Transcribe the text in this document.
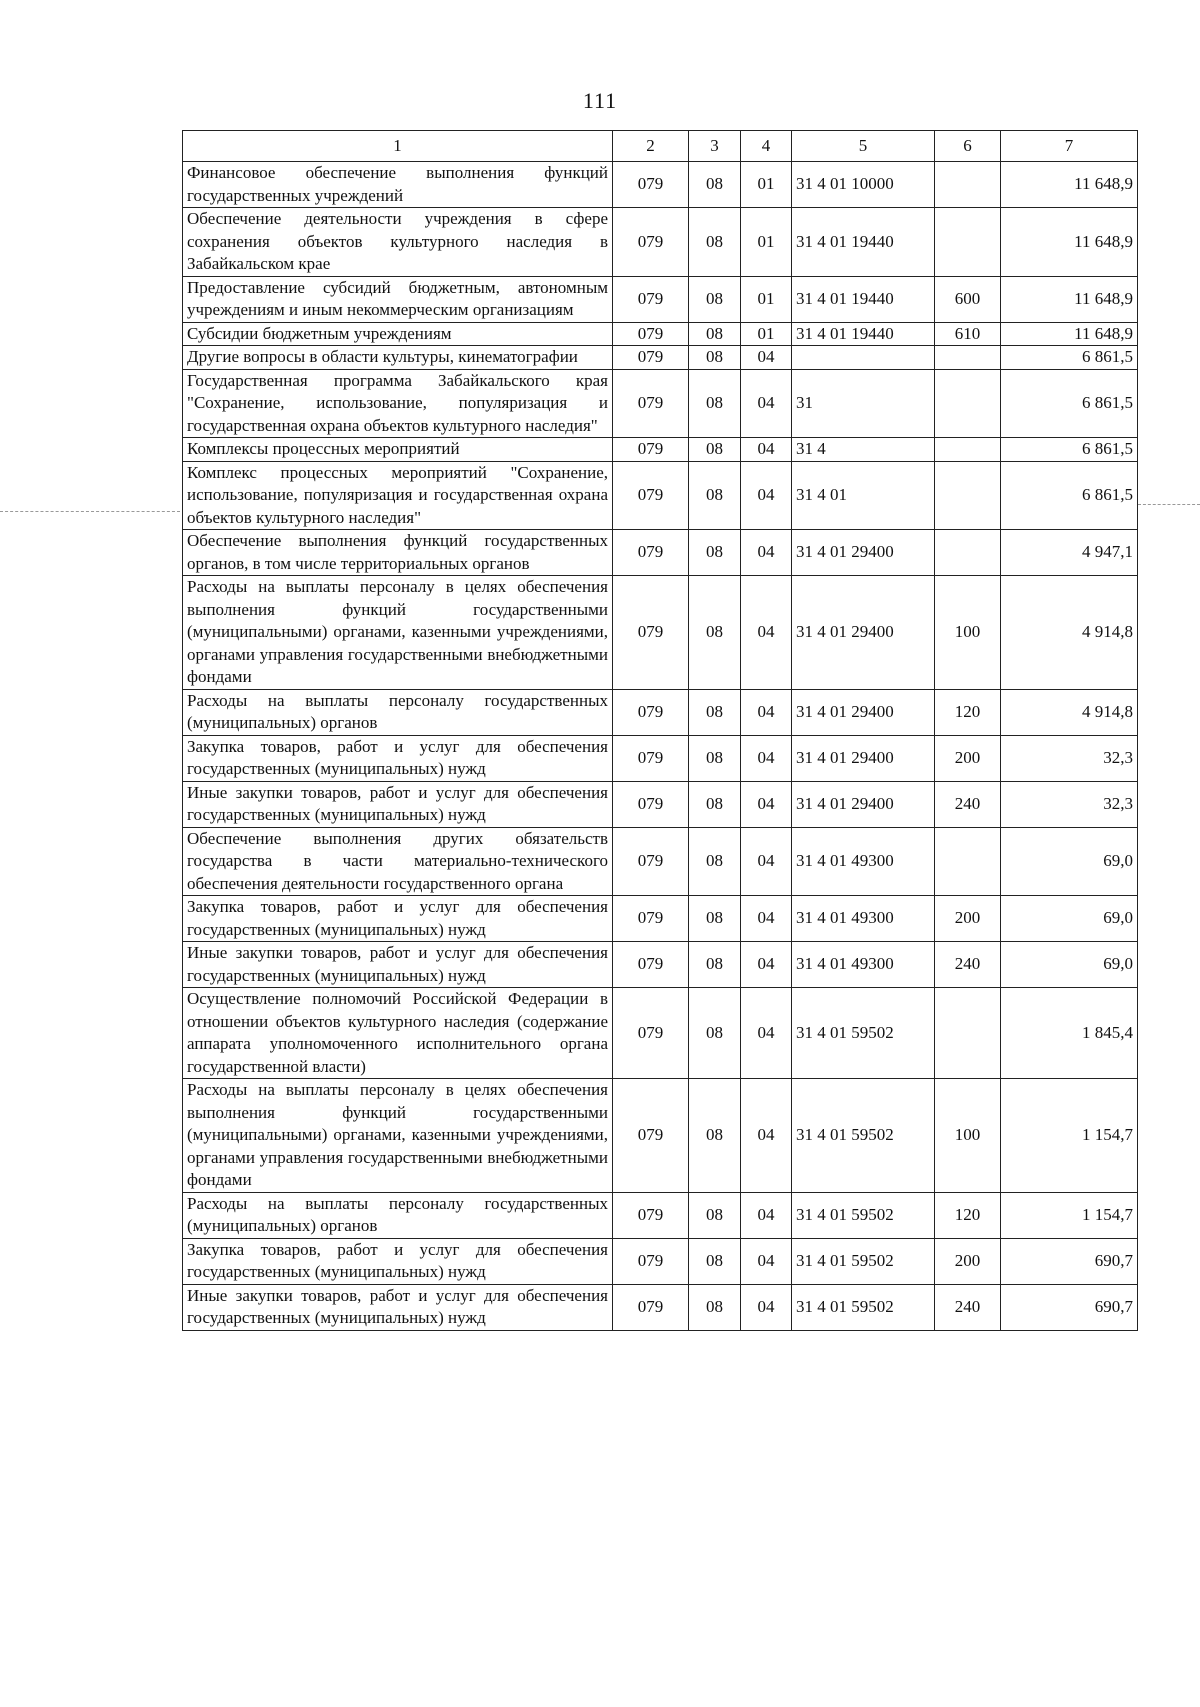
111
1	2	3	4	5	6	7
Финансовое обеспечение выполнения функций государственных учреждений	079	08	01	31 4 01 10000		11 648,9
Обеспечение деятельности учреждения в сфере сохранения объектов культурного наследия в Забайкальском крае	079	08	01	31 4 01 19440		11 648,9
Предоставление субсидий бюджетным, автономным учреждениям и иным некоммерческим организациям	079	08	01	31 4 01 19440	600	11 648,9
Субсидии бюджетным учреждениям	079	08	01	31 4 01 19440	610	11 648,9
Другие вопросы в области культуры, кинематографии	079	08	04			6 861,5
Государственная программа Забайкальского края "Сохранение, использование, популяризация и государственная охрана объектов культурного наследия"	079	08	04	31		6 861,5
Комплексы процессных мероприятий	079	08	04	31 4		6 861,5
Комплекс процессных мероприятий "Сохранение, использование, популяризация и государственная охрана объектов культурного наследия"	079	08	04	31 4 01		6 861,5
Обеспечение выполнения функций государственных органов, в том числе территориальных органов	079	08	04	31 4 01 29400		4 947,1
Расходы на выплаты персоналу в целях обеспечения выполнения функций государственными (муниципальными) органами, казенными учреждениями, органами управления государственными внебюджетными фондами	079	08	04	31 4 01 29400	100	4 914,8
Расходы на выплаты персоналу государственных (муниципальных) органов	079	08	04	31 4 01 29400	120	4 914,8
Закупка товаров, работ и услуг для обеспечения государственных (муниципальных) нужд	079	08	04	31 4 01 29400	200	32,3
Иные закупки товаров, работ и услуг для обеспечения государственных (муниципальных) нужд	079	08	04	31 4 01 29400	240	32,3
Обеспечение выполнения других обязательств государства в части материально-технического обеспечения деятельности государственного органа	079	08	04	31 4 01 49300		69,0
Закупка товаров, работ и услуг для обеспечения государственных (муниципальных) нужд	079	08	04	31 4 01 49300	200	69,0
Иные закупки товаров, работ и услуг для обеспечения государственных (муниципальных) нужд	079	08	04	31 4 01 49300	240	69,0
Осуществление полномочий Российской Федерации в отношении объектов культурного наследия (содержание аппарата уполномоченного исполнительного органа государственной власти)	079	08	04	31 4 01 59502		1 845,4
Расходы на выплаты персоналу в целях обеспечения выполнения функций государственными (муниципальными) органами, казенными учреждениями, органами управления государственными внебюджетными фондами	079	08	04	31 4 01 59502	100	1 154,7
Расходы на выплаты персоналу государственных (муниципальных) органов	079	08	04	31 4 01 59502	120	1 154,7
Закупка товаров, работ и услуг для обеспечения государственных (муниципальных) нужд	079	08	04	31 4 01 59502	200	690,7
Иные закупки товаров, работ и услуг для обеспечения государственных (муниципальных) нужд	079	08	04	31 4 01 59502	240	690,7
